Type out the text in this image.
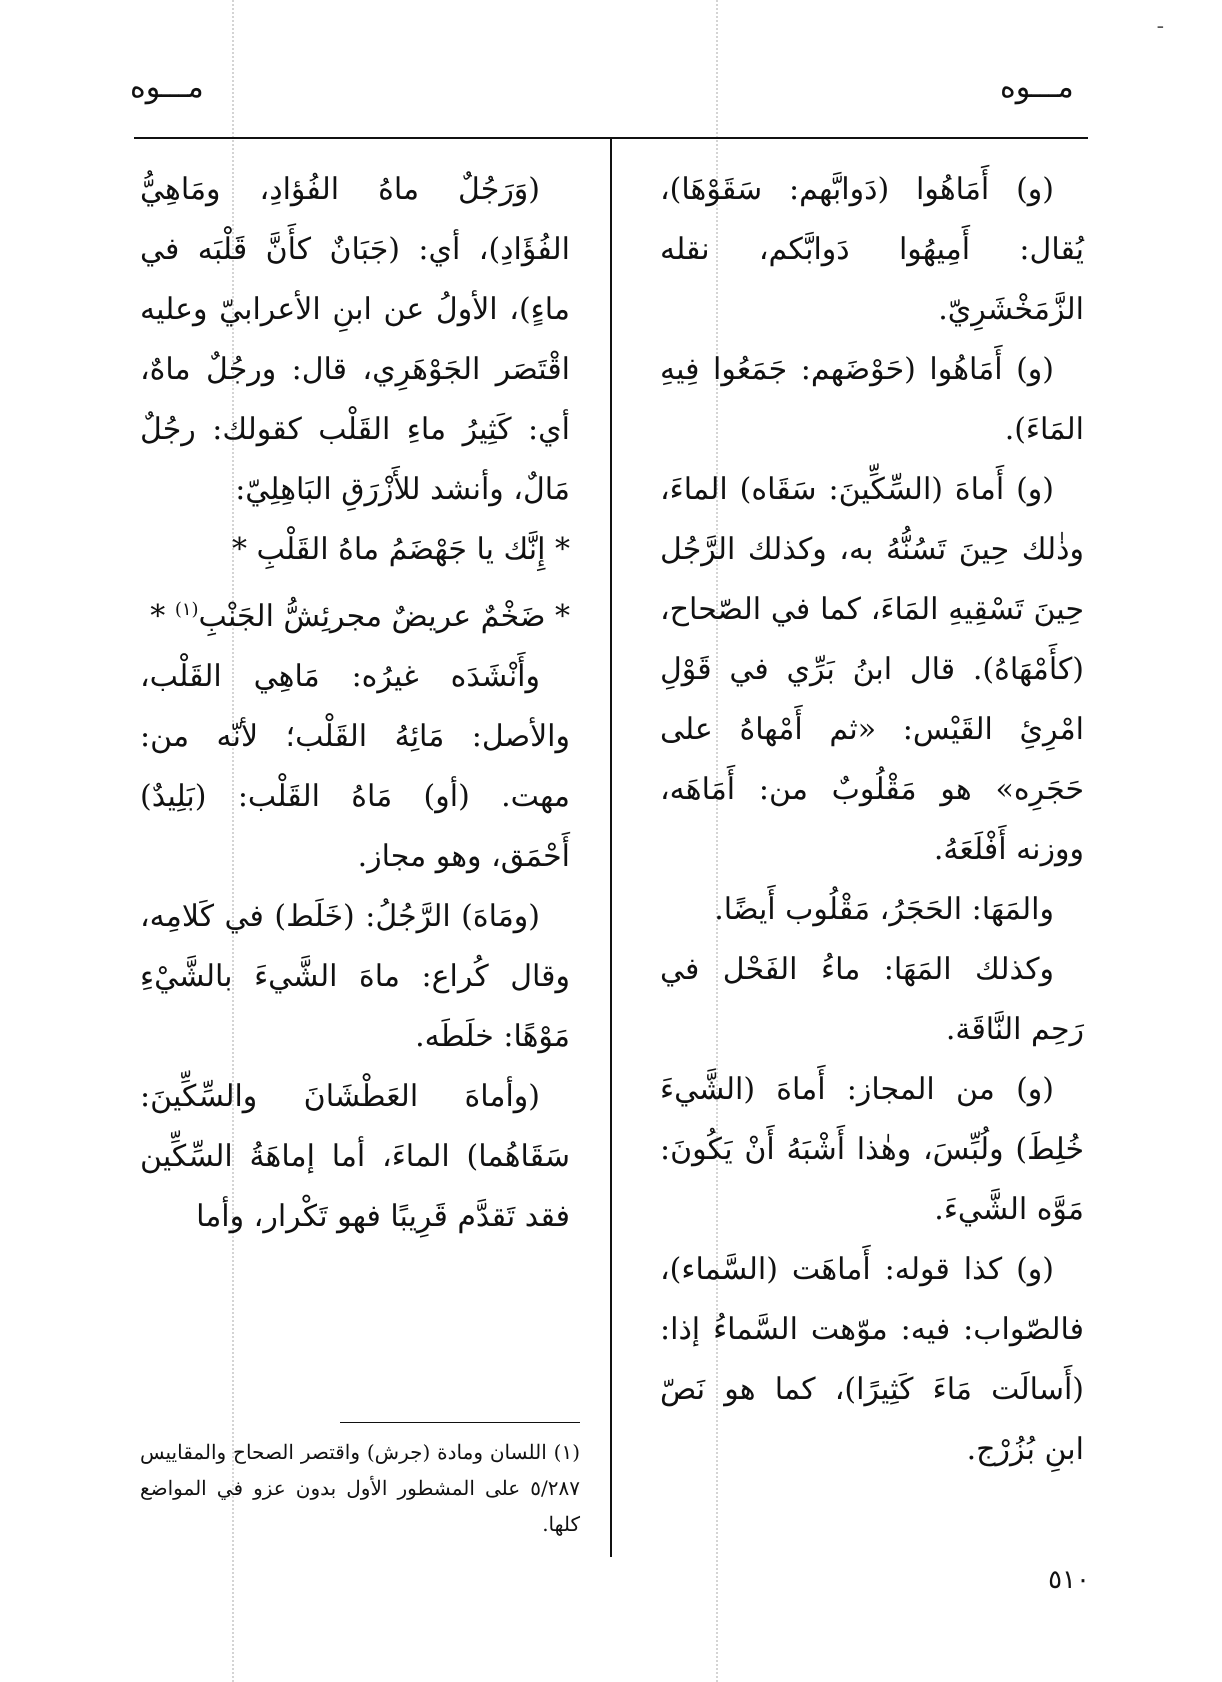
-
مـــوه
مـــوه

(و) أَمَاهُوا (دَوابَّهم: سَقَوْهَا)، يُقال: أَمِيهُوا دَوابَّكم، نقله الزَّمَخْشَرِيّ.

(و) أَمَاهُوا (حَوْضَهم: جَمَعُوا فِيهِ المَاءَ).

(و) أَماهَ (السِّكِّينَ: سَقَاه) الماءَ، وذٰلك حِينَ تَسُنُّهُ به، وكذلك الرَّجُل حِينَ تَسْقِيهِ المَاءَ، كما في الصّحاح، (كأَمْهَاهُ). قال ابنُ بَرِّي في قَوْلِ امْرِئِ القَيْس: «ثم أَمْهاهُ على حَجَرِه» هو مَقْلُوبٌ من: أَمَاهَه، ووزنه أَفْلَعَهُ.

والمَهَا: الحَجَرُ، مَقْلُوب أَيضًا.

وكذلك المَهَا: ماءُ الفَحْل في رَحِم النَّاقَة.

(و) من المجاز: أَماهَ (الشَّيءَ خُلِطَ) ولُبِّسَ، وهٰذا أَشْبَهُ أَنْ يَكُونَ: مَوَّه الشَّيءَ.

(و) كذا قوله: أَماهَت (السَّماء)، فالصّواب: فيه: موّهت السَّماءُ إذا: (أَسالَت مَاءَ كَثِيرًا)، كما هو نَصّ ابنِ بُزُرْج.

(وَرَجُلٌ ماهُ الفُؤادِ، ومَاهِيُّ الفُؤَادِ)، أي: (جَبَانٌ كأَنَّ قَلْبَه في ماءٍ)، الأولُ عن ابنِ الأعرابيّ وعليه اقْتَصَر الجَوْهَرِي، قال: ورجُلٌ ماهٌ، أي: كَثِيرُ ماءِ القَلْب كقولك: رجُلٌ مَالٌ، وأنشد للأَزْرَقِ البَاهِلِيّ:

* إِنَّك يا جَهْضَمُ ماهُ القَلْبِ *

* ضَخْمٌ عريضٌ مجرئِشُّ الجَنْبِ$^{(١)}$ *

وأَنْشَدَه غيرُه: مَاهِي القَلْب، والأصل: مَائِهُ القَلْب؛ لأنّه من: مهت. (أو) مَاهُ القَلْب: (بَلِيدٌ) أَحْمَق، وهو مجاز.

(ومَاهَ) الرَّجُلُ: (خَلَط) في كَلامِه، وقال كُراع: ماهَ الشَّيءَ بالشَّيْءِ مَوْهًا: خلَطَه.

(وأماهَ العَطْشَانَ والسِّكِّينَ: سَقَاهُما) الماءَ، أما إماهَةُ السِّكِّين فقد تَقدَّم قَرِيبًا فهو تَكْرار، وأما

(١) اللسان ومادة (جرش) واقتصر الصحاح والمقاييس ٥/٢٨٧ على المشطور الأول بدون عزو في المواضع كلها.

٥١٠
